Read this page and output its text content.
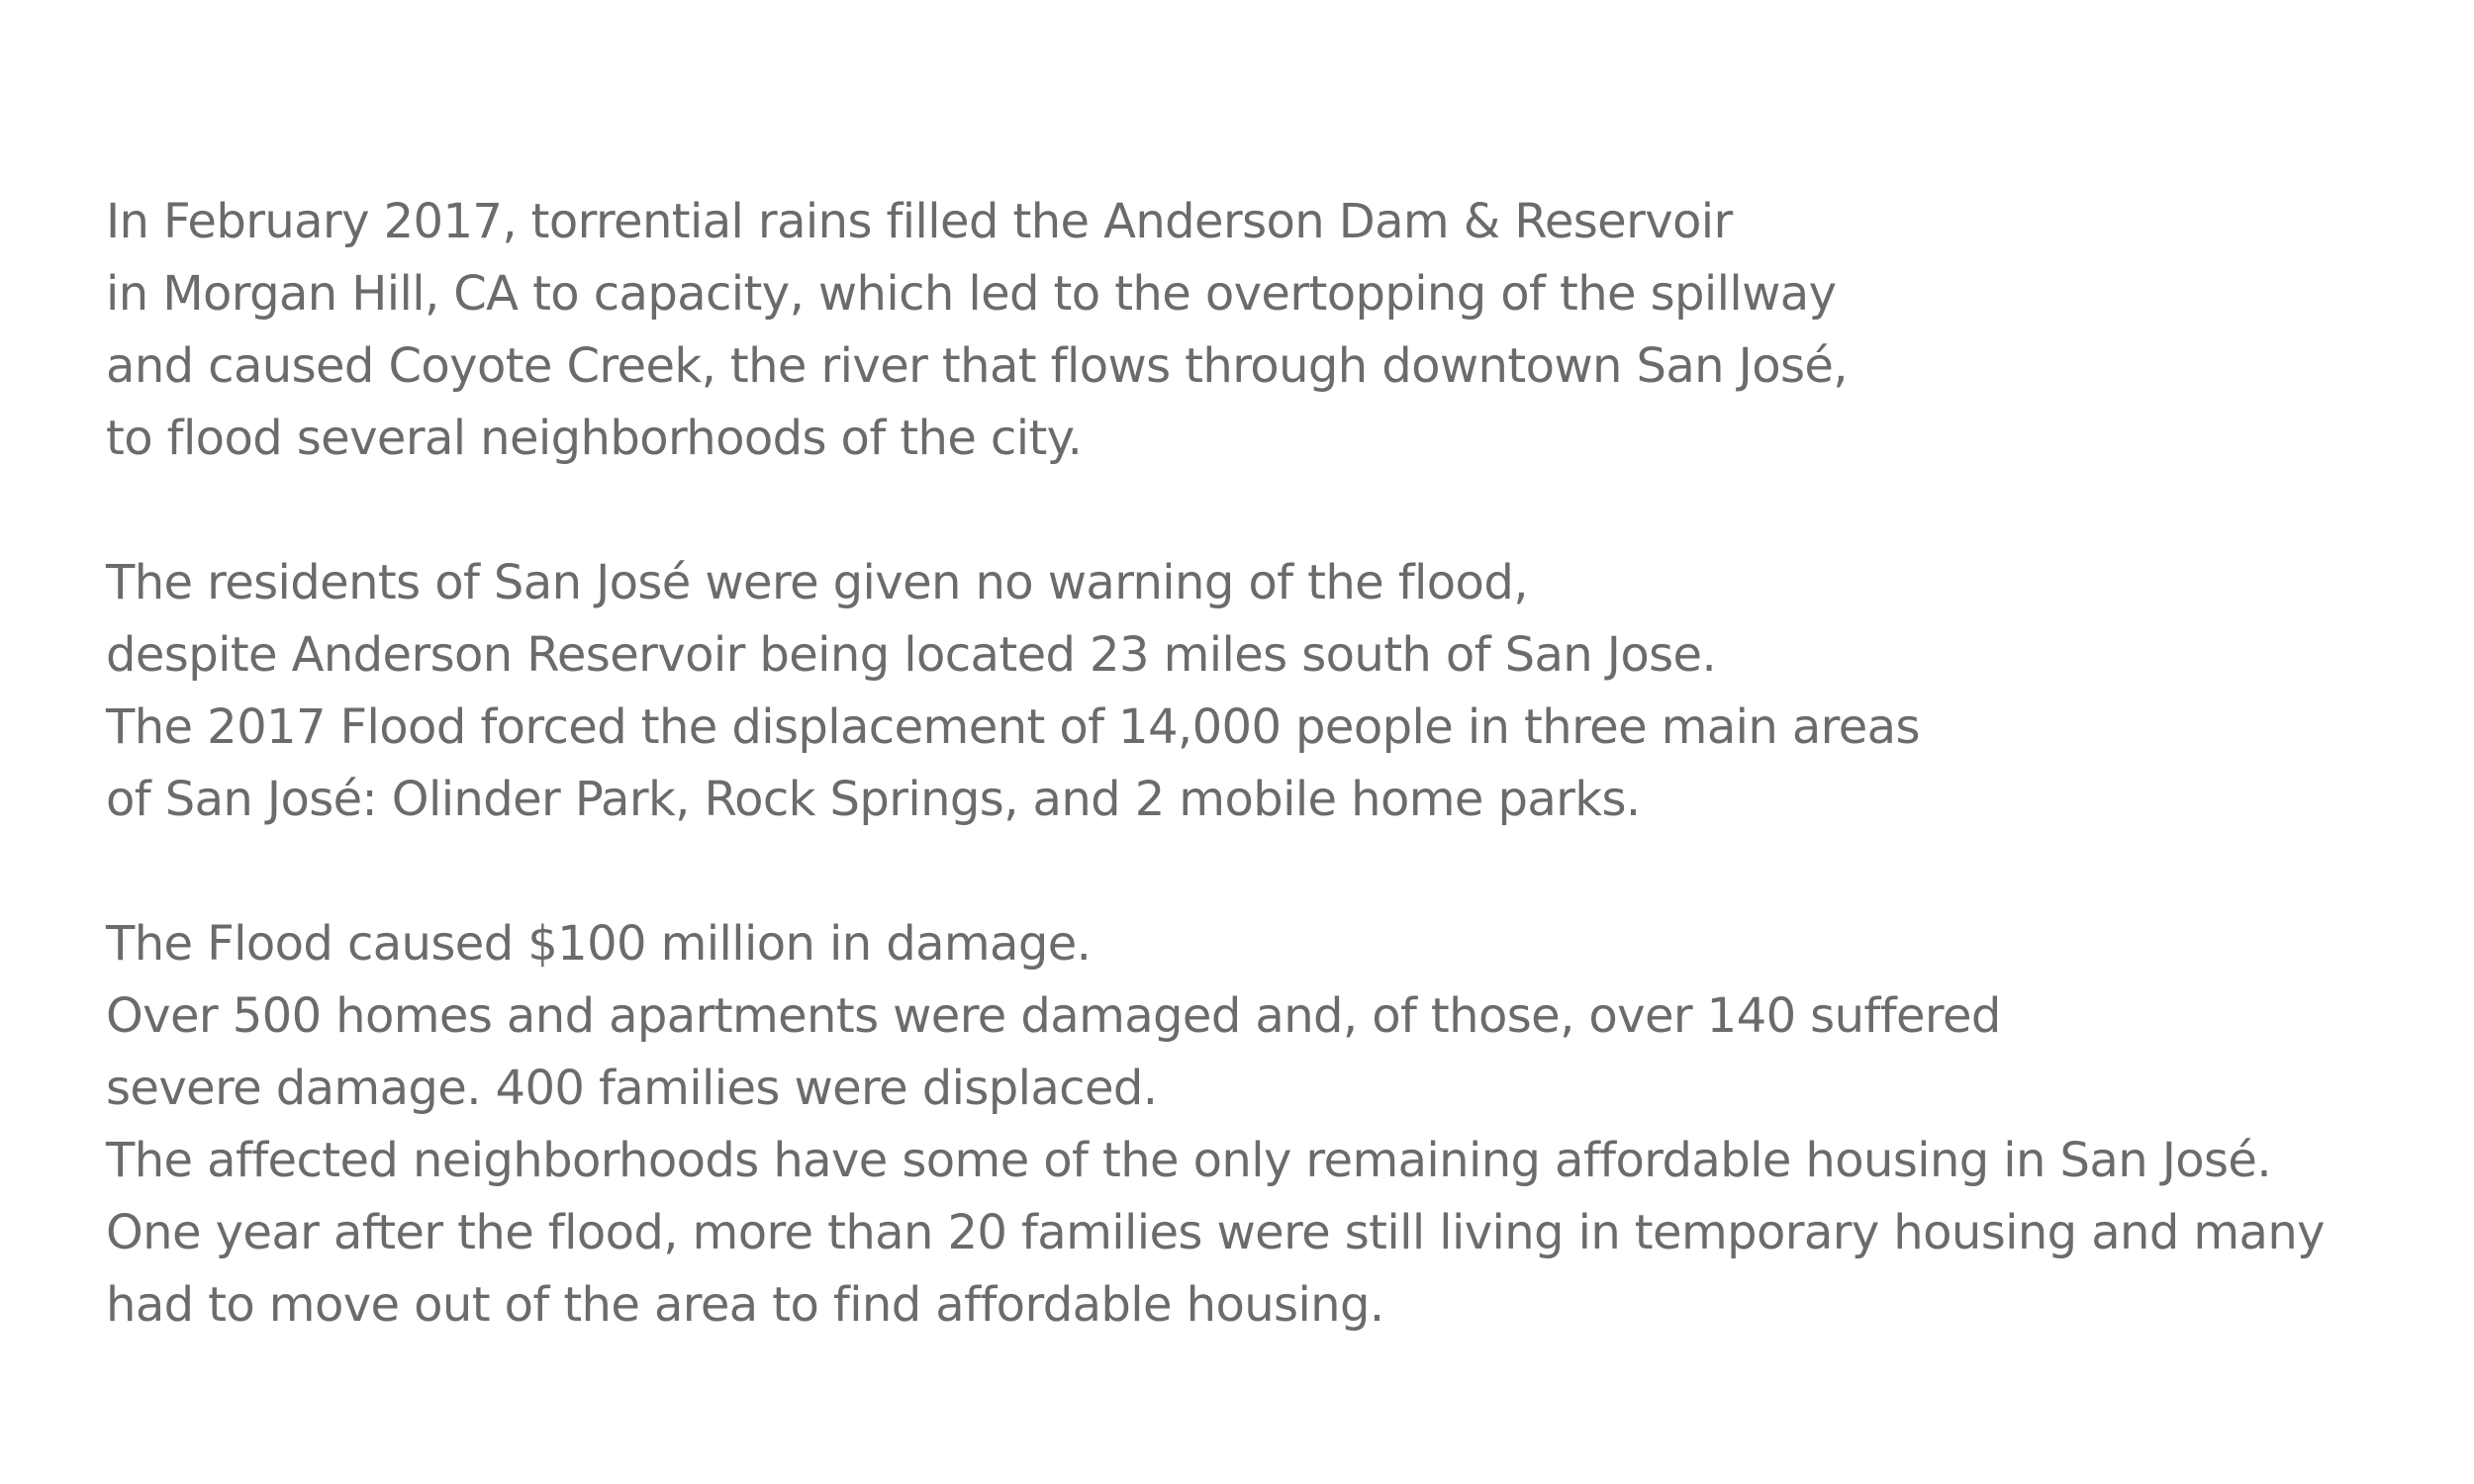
In February 2017, torrential rains filled the Anderson Dam & Reservoir
in Morgan Hill, CA to capacity, which led to the overtopping of the spillway
and caused Coyote Creek, the river that flows through downtown San José,
to flood several neighborhoods of the city.

The residents of San José were given no warning of the flood,
despite Anderson Reservoir being located 23 miles south of San Jose.
The 2017 Flood forced the displacement of 14,000 people in three main areas
of San José: Olinder Park, Rock Springs, and 2 mobile home parks.

The Flood caused $100 million in damage.
Over 500 homes and apartments were damaged and, of those, over 140 suffered
severe damage. 400 families were displaced.
The affected neighborhoods have some of the only remaining affordable housing in San José.
One year after the flood, more than 20 families were still living in temporary housing and many
had to move out of the area to find affordable housing.
